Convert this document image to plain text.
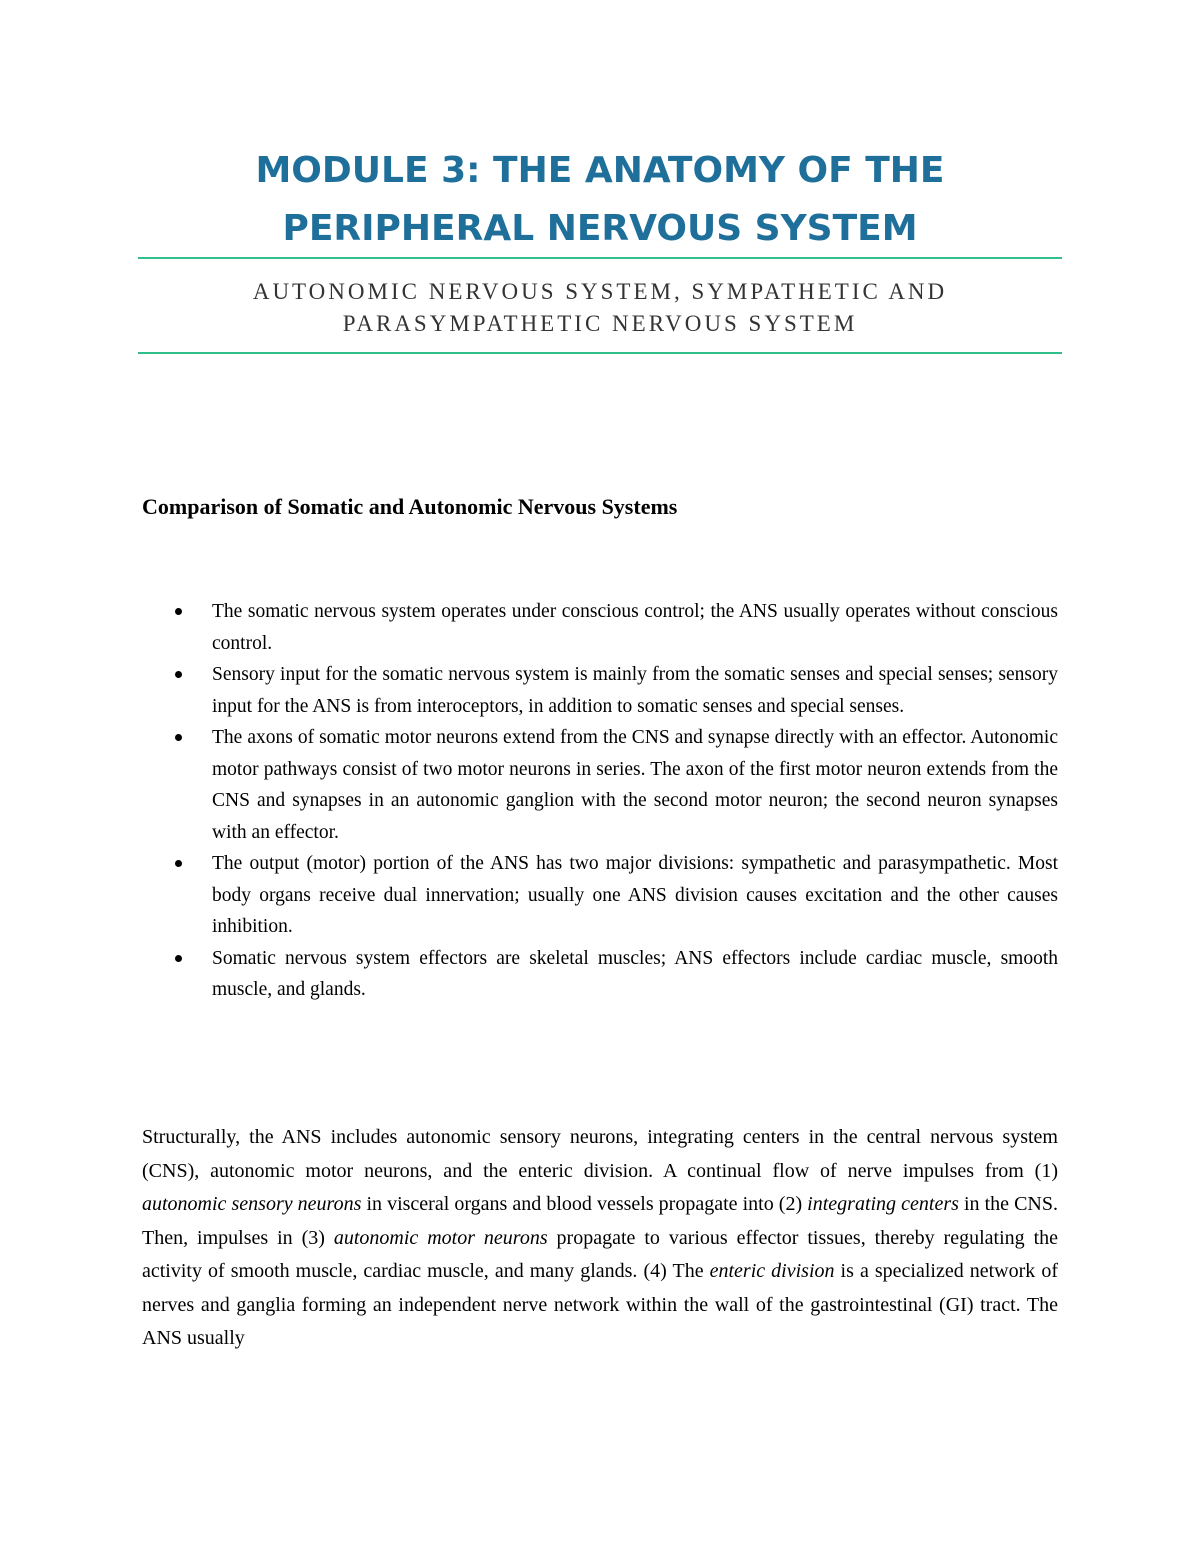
MODULE 3: THE ANATOMY OF THE
PERIPHERAL NERVOUS SYSTEM

AUTONOMIC NERVOUS SYSTEM, SYMPATHETIC AND
PARASYMPATHETIC NERVOUS SYSTEM

Comparison of Somatic and Autonomic Nervous Systems
The somatic nervous system operates under conscious control; the ANS usually operates without conscious control.
Sensory input for the somatic nervous system is mainly from the somatic senses and special senses; sensory input for the ANS is from interoceptors, in addition to somatic senses and special senses.
The axons of somatic motor neurons extend from the CNS and synapse directly with an effector. Autonomic motor pathways consist of two motor neurons in series. The axon of the first motor neuron extends from the CNS and synapses in an autonomic ganglion with the second motor neuron; the second neuron synapses with an effector.
The output (motor) portion of the ANS has two major divisions: sympathetic and parasympathetic. Most body organs receive dual innervation; usually one ANS division causes excitation and the other causes inhibition.
Somatic nervous system effectors are skeletal muscles; ANS effectors include cardiac muscle, smooth muscle, and glands.

Structurally, the ANS includes autonomic sensory neurons, integrating centers in the central nervous system (CNS), autonomic motor neurons, and the enteric division. A continual flow of nerve impulses from (1) autonomic sensory neurons in visceral organs and blood vessels propagate into (2) integrating centers in the CNS. Then, impulses in (3) autonomic motor neurons propagate to various effector tissues, thereby regulating the activity of smooth muscle, cardiac muscle, and many glands. (4) The enteric division is a specialized network of nerves and ganglia forming an independent nerve network within the wall of the gastrointestinal (GI) tract. The ANS usually
